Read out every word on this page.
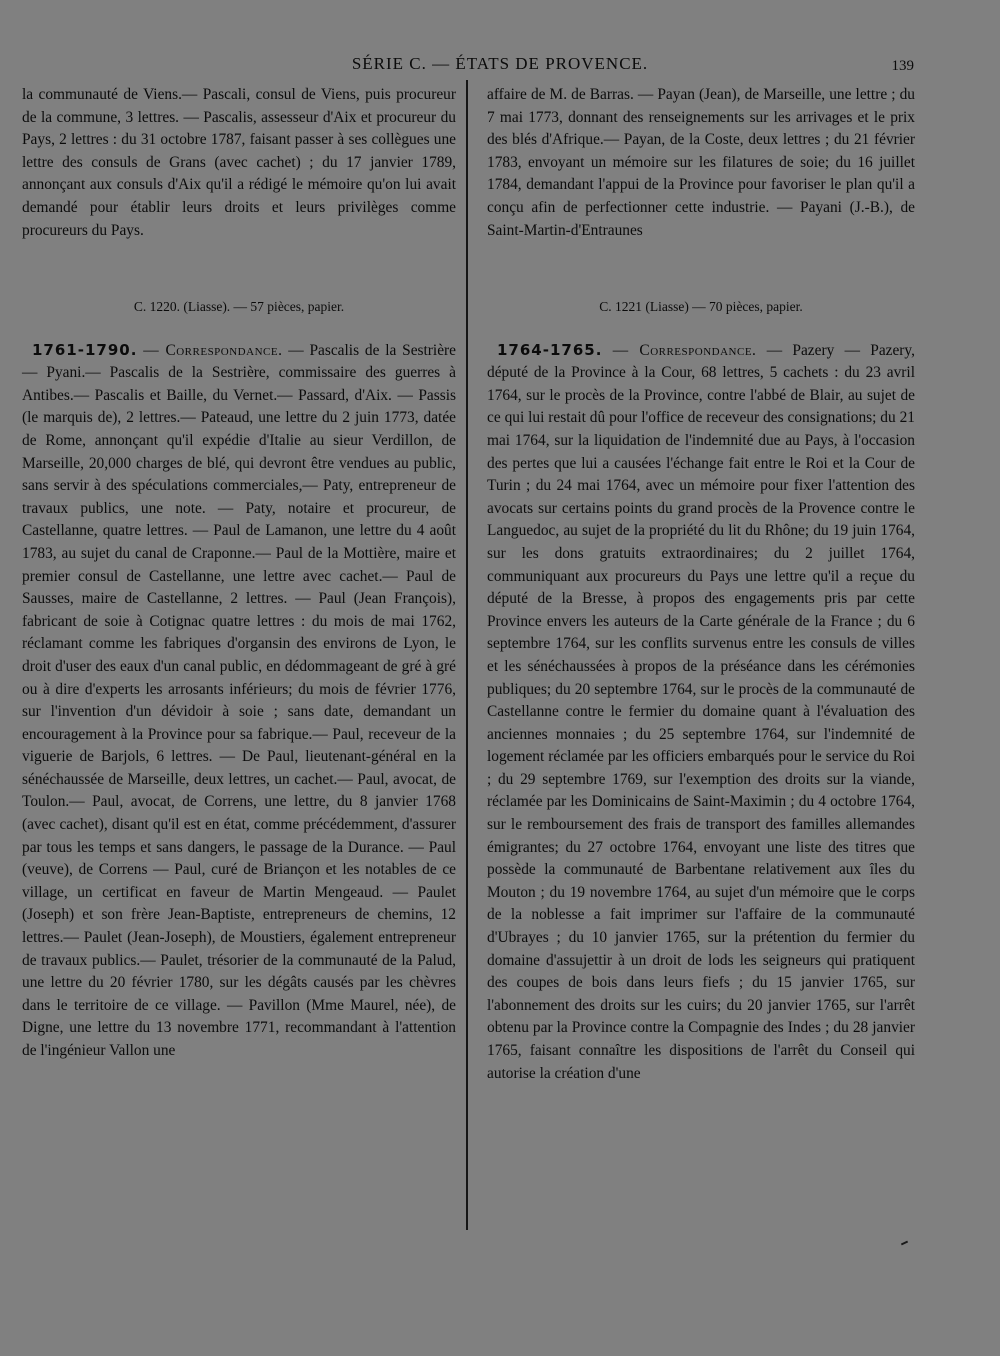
SÉRIE C. — ÉTATS DE PROVENCE.	139

la communauté de Viens.— Pascali, consul de Viens, puis procureur de la commune, 3 lettres. — Pascalis, assesseur d'Aix et procureur du Pays, 2 lettres : du 31 octobre 1787, faisant passer à ses collègues une lettre des consuls de Grans (avec cachet) ; du 17 janvier 1789, annonçant aux consuls d'Aix qu'il a rédigé le mémoire qu'on lui avait demandé pour établir leurs droits et leurs privilèges comme procureurs du Pays.

C. 1220. (Liasse). — 57 pièces, papier.

1761-1790. — Correspondance. — Pascalis de la Sestrière — Pyani.— Pascalis de la Sestrière, commissaire des guerres à Antibes.— Pascalis et Baille, du Vernet.— Passard, d'Aix. — Passis (le marquis de), 2 lettres.— Pateaud, une lettre du 2 juin 1773, datée de Rome, annonçant qu'il expédie d'Italie au sieur Verdillon, de Marseille, 20,000 charges de blé, qui devront être vendues au public, sans servir à des spéculations commerciales,— Paty, entrepreneur de travaux publics, une note. — Paty, notaire et procureur, de Castellanne, quatre lettres. — Paul de Lamanon, une lettre du 4 août 1783, au sujet du canal de Craponne.— Paul de la Mottière, maire et premier consul de Castellanne, une lettre avec cachet.— Paul de Sausses, maire de Castellanne, 2 lettres. — Paul (Jean François), fabricant de soie à Cotignac quatre lettres : du mois de mai 1762, réclamant comme les fabriques d'organsin des environs de Lyon, le droit d'user des eaux d'un canal public, en dédommageant de gré à gré ou à dire d'experts les arrosants inférieurs; du mois de février 1776, sur l'invention d'un dévidoir à soie ; sans date, demandant un encouragement à la Province pour sa fabrique.— Paul, receveur de la viguerie de Barjols, 6 lettres. — De Paul, lieutenant-général en la sénéchaussée de Marseille, deux lettres, un cachet.— Paul, avocat, de Toulon.— Paul, avocat, de Correns, une lettre, du 8 janvier 1768 (avec cachet), disant qu'il est en état, comme précédemment, d'assurer par tous les temps et sans dangers, le passage de la Durance. — Paul (veuve), de Correns — Paul, curé de Briançon et les notables de ce village, un certificat en faveur de Martin Mengeaud. — Paulet (Joseph) et son frère Jean-Baptiste, entrepreneurs de chemins, 12 lettres.— Paulet (Jean-Joseph), de Moustiers, également entrepreneur de travaux publics.— Paulet, trésorier de la communauté de la Palud, une lettre du 20 février 1780, sur les dégâts causés par les chèvres dans le territoire de ce village. — Pavillon (Mme Maurel, née), de Digne, une lettre du 13 novembre 1771, recommandant à l'attention de l'ingénieur Vallon une

affaire de M. de Barras. — Payan (Jean), de Marseille, une lettre ; du 7 mai 1773, donnant des renseignements sur les arrivages et le prix des blés d'Afrique.— Payan, de la Coste, deux lettres ; du 21 février 1783, envoyant un mémoire sur les filatures de soie; du 16 juillet 1784, demandant l'appui de la Province pour favoriser le plan qu'il a conçu afin de perfectionner cette industrie. — Payani (J.-B.), de Saint-Martin-d'Entraunes

C. 1221 (Liasse) — 70 pièces, papier.

1764-1765. — Correspondance. — Pazery — Pazery, député de la Province à la Cour, 68 lettres, 5 cachets : du 23 avril 1764, sur le procès de la Province, contre l'abbé de Blair, au sujet de ce qui lui restait dû pour l'office de receveur des consignations; du 21 mai 1764, sur la liquidation de l'indemnité due au Pays, à l'occasion des pertes que lui a causées l'échange fait entre le Roi et la Cour de Turin ; du 24 mai 1764, avec un mémoire pour fixer l'attention des avocats sur certains points du grand procès de la Provence contre le Languedoc, au sujet de la propriété du lit du Rhône; du 19 juin 1764, sur les dons gratuits extraordinaires; du 2 juillet 1764, communiquant aux procureurs du Pays une lettre qu'il a reçue du député de la Bresse, à propos des engagements pris par cette Province envers les auteurs de la Carte générale de la France ; du 6 septembre 1764, sur les conflits survenus entre les consuls de villes et les sénéchaussées à propos de la préséance dans les cérémonies publiques; du 20 septembre 1764, sur le procès de la communauté de Castellanne contre le fermier du domaine quant à l'évaluation des anciennes monnaies ; du 25 septembre 1764, sur l'indemnité de logement réclamée par les officiers embarqués pour le service du Roi ; du 29 septembre 1769, sur l'exemption des droits sur la viande, réclamée par les Dominicains de Saint-Maximin ; du 4 octobre 1764, sur le remboursement des frais de transport des familles allemandes émigrantes; du 27 octobre 1764, envoyant une liste des titres que possède la communauté de Barbentane relativement aux îles du Mouton ; du 19 novembre 1764, au sujet d'un mémoire que le corps de la noblesse a fait imprimer sur l'affaire de la communauté d'Ubrayes ; du 10 janvier 1765, sur la prétention du fermier du domaine d'assujettir à un droit de lods les seigneurs qui pratiquent des coupes de bois dans leurs fiefs ; du 15 janvier 1765, sur l'abonnement des droits sur les cuirs; du 20 janvier 1765, sur l'arrêt obtenu par la Province contre la Compagnie des Indes ; du 28 janvier 1765, faisant connaître les dispositions de l'arrêt du Conseil qui autorise la création d'une
